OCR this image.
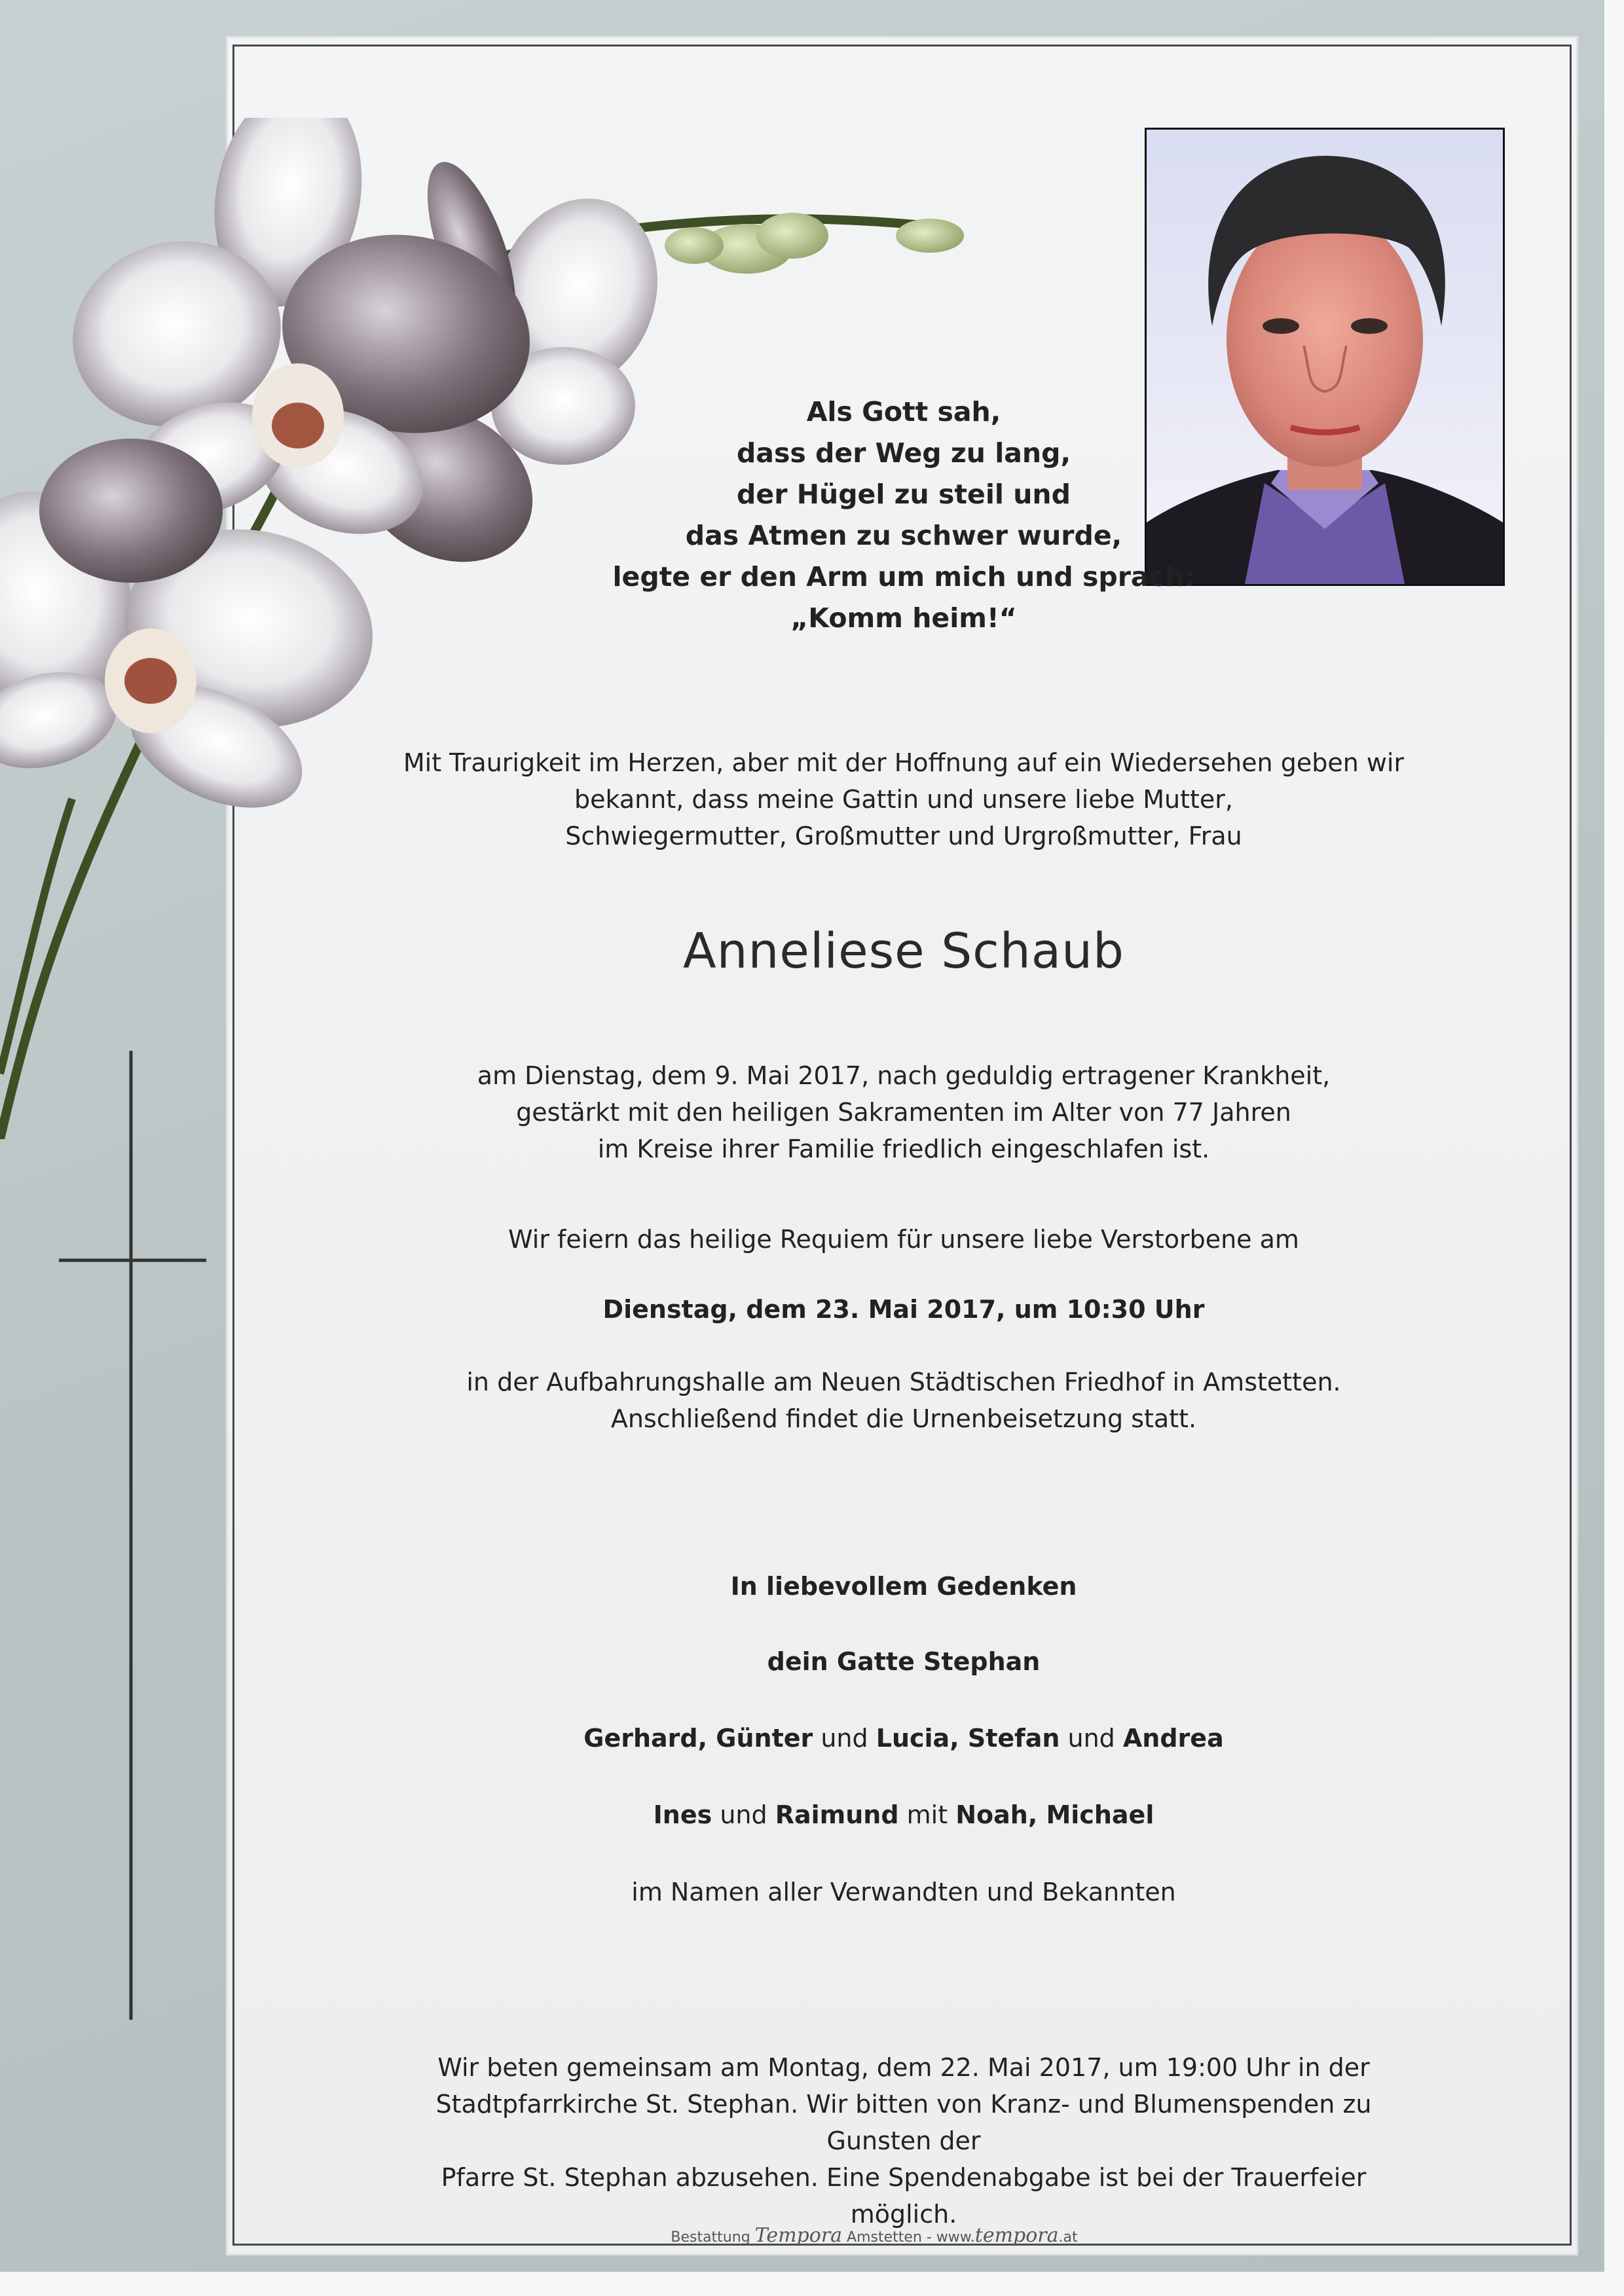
Als Gott sah,
dass der Weg zu lang,
der Hügel zu steil und
das Atmen zu schwer wurde,
legte er den Arm um mich und sprach:
„Komm heim!“
Mit Traurigkeit im Herzen, aber mit der Hoffnung auf ein Wiedersehen geben wir
bekannt, dass meine Gattin und unsere liebe Mutter,
Schwiegermutter, Großmutter und Urgroßmutter, Frau
Anneliese Schaub
am Dienstag, dem 9. Mai 2017, nach geduldig ertragener Krankheit,
gestärkt mit den heiligen Sakramenten im Alter von 77 Jahren
im Kreise ihrer Familie friedlich eingeschlafen ist.
Wir feiern das heilige Requiem für unsere liebe Verstorbene am
Dienstag, dem 23. Mai 2017, um 10:30 Uhr
in der Aufbahrungshalle am Neuen Städtischen Friedhof in Amstetten.
Anschließend findet die Urnenbeisetzung statt.
In liebevollem Gedenken
dein Gatte Stephan
Gerhard, Günter und Lucia, Stefan und Andrea
Ines und Raimund mit Noah, Michael
im Namen aller Verwandten und Bekannten
Wir beten gemeinsam am Montag, dem 22. Mai 2017, um 19:00 Uhr in der
Stadtpfarrkirche St. Stephan. Wir bitten von Kranz- und Blumenspenden zu Gunsten der
Pfarre St. Stephan abzusehen. Eine Spendenabgabe ist bei der Trauerfeier möglich.
Bestattung Tempora Amstetten - www.tempora.at
